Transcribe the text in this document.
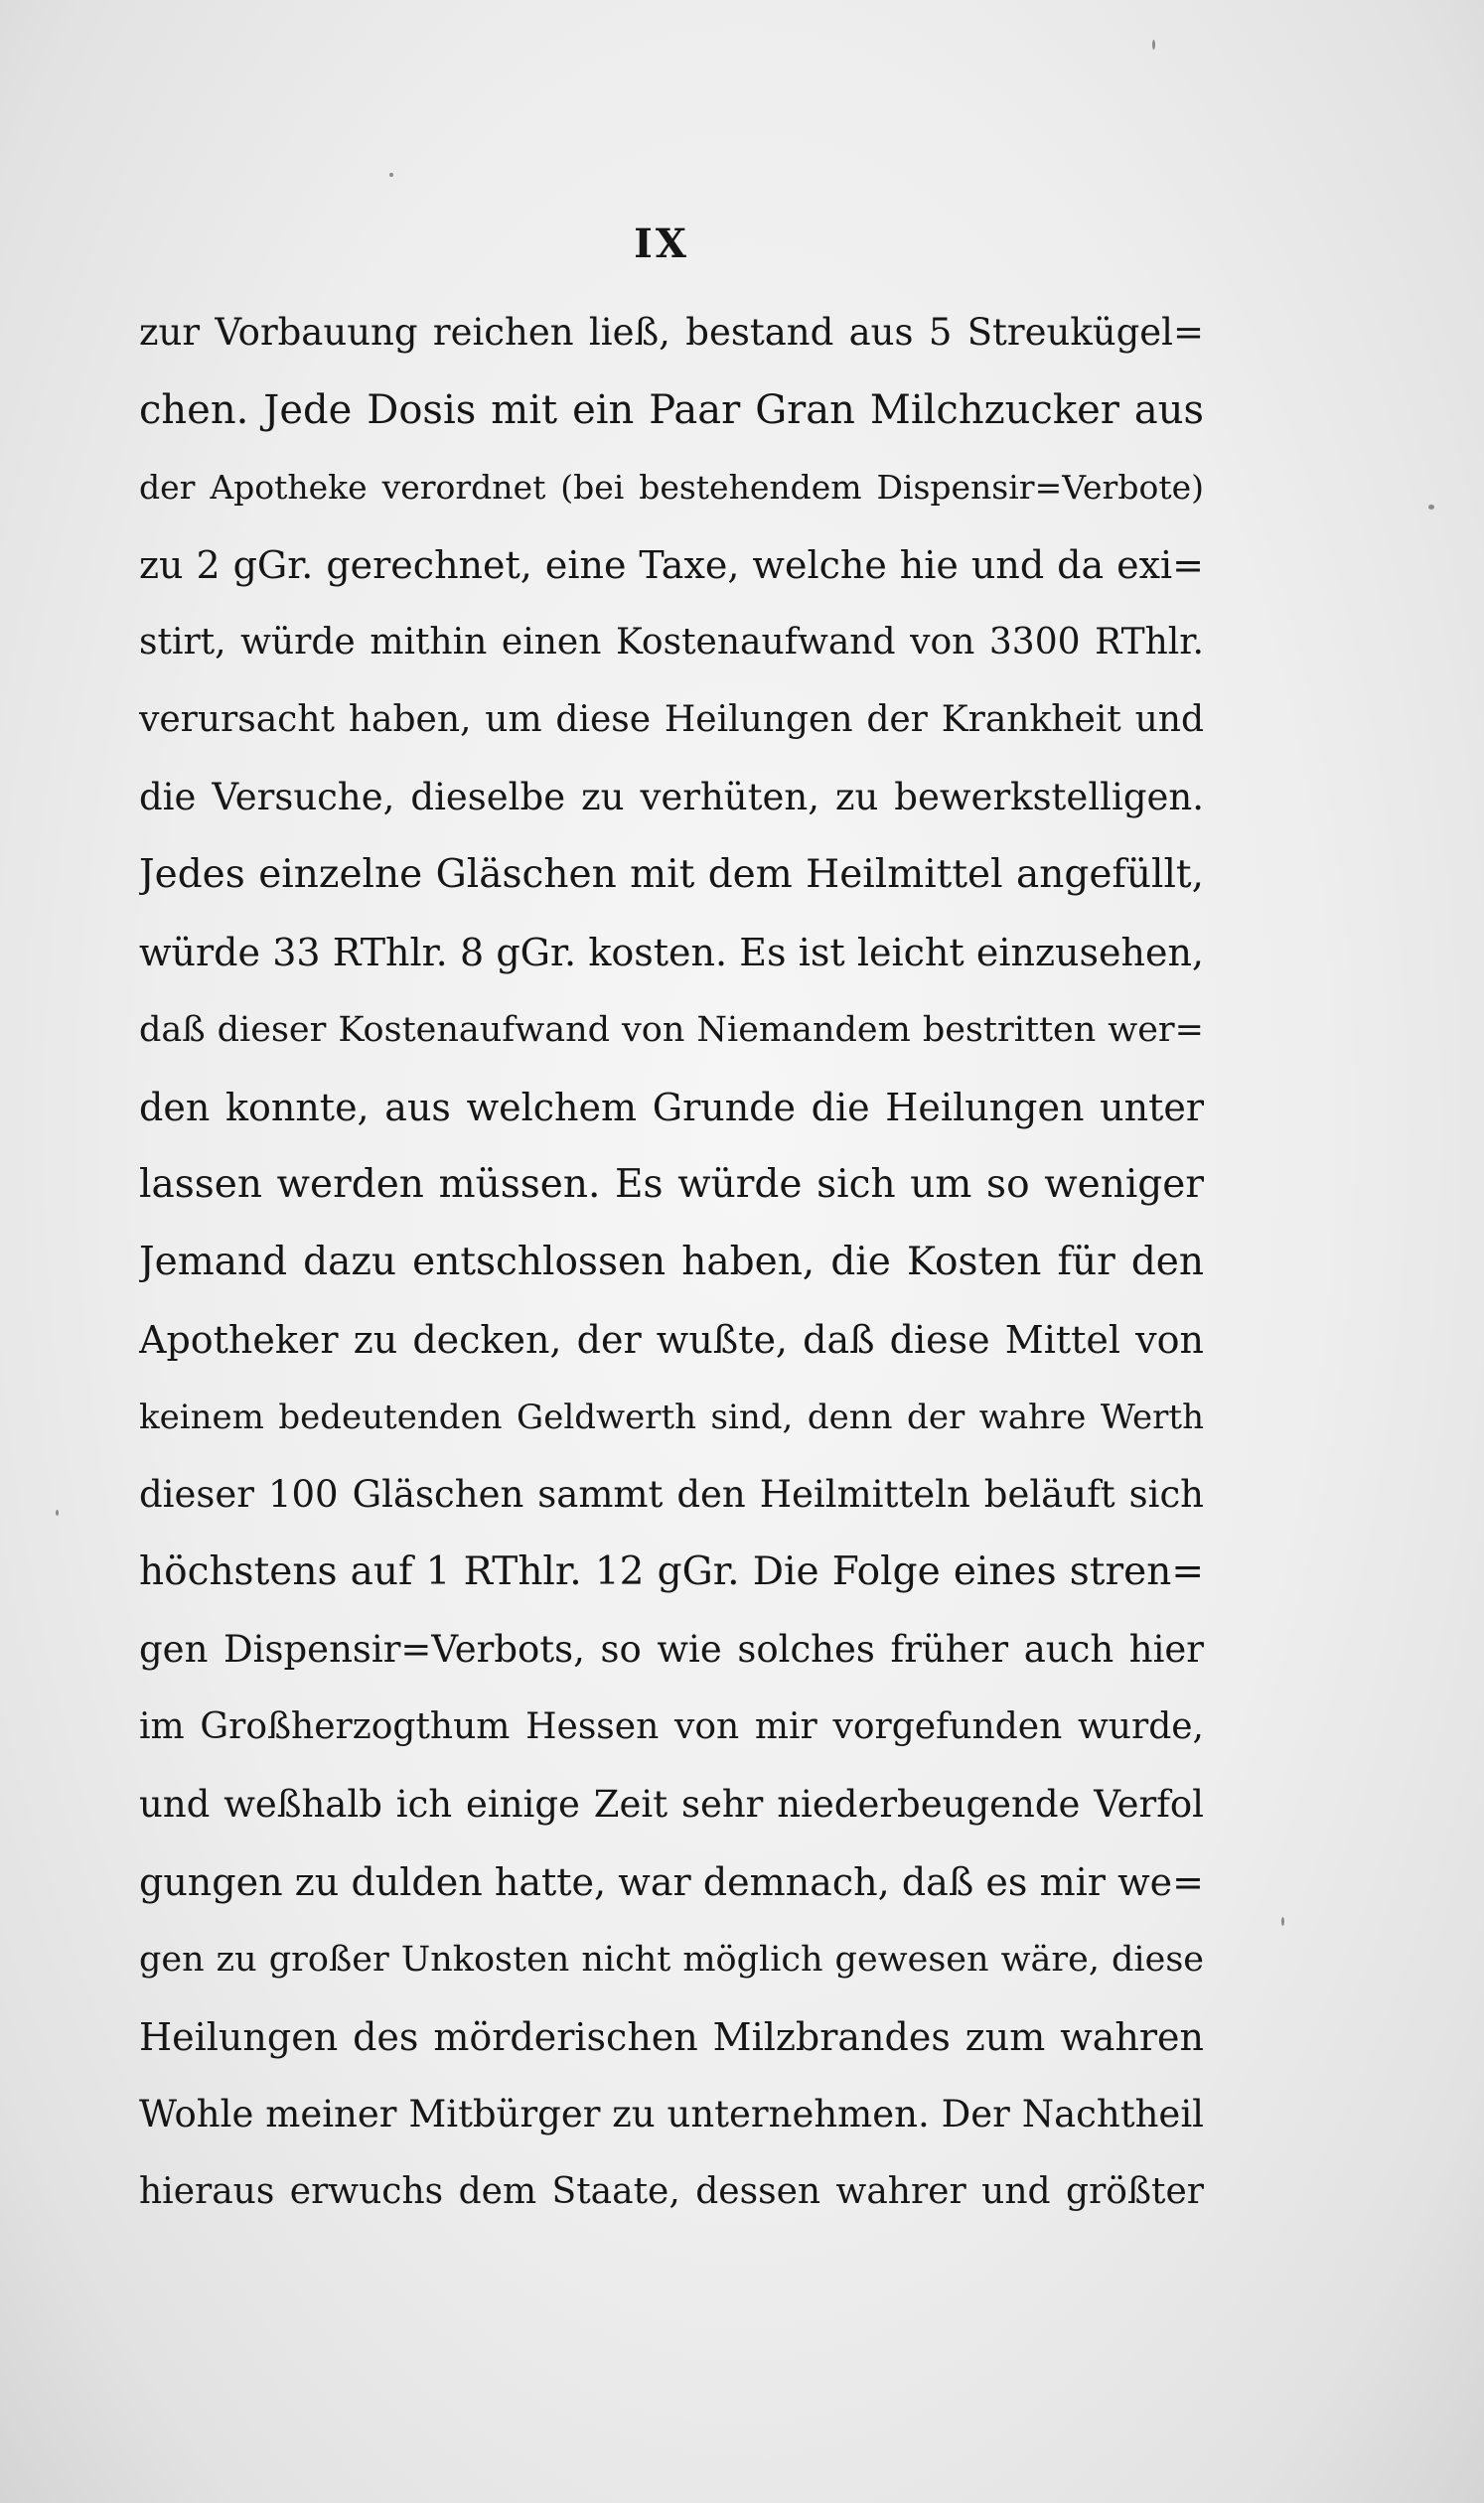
IX
zur Vorbauung reichen ließ, bestand aus 5 Streukügel=
chen. Jede Dosis mit ein Paar Gran Milchzucker aus
der Apotheke verordnet (bei bestehendem Dispensir=Verbote)
zu 2 gGr. gerechnet, eine Taxe, welche hie und da exi=
stirt, würde mithin einen Kostenaufwand von 3300 RThlr.
verursacht haben, um diese Heilungen der Krankheit und
die Versuche, dieselbe zu verhüten, zu bewerkstelligen.
Jedes einzelne Gläschen mit dem Heilmittel angefüllt,
würde 33 RThlr. 8 gGr. kosten. Es ist leicht einzusehen,
daß dieser Kostenaufwand von Niemandem bestritten wer=
den konnte, aus welchem Grunde die Heilungen unter
lassen werden müssen. Es würde sich um so weniger
Jemand dazu entschlossen haben, die Kosten für den
Apotheker zu decken, der wußte, daß diese Mittel von
keinem bedeutenden Geldwerth sind, denn der wahre Werth
dieser 100 Gläschen sammt den Heilmitteln beläuft sich
höchstens auf 1 RThlr. 12 gGr. Die Folge eines stren=
gen Dispensir=Verbots, so wie solches früher auch hier
im Großherzogthum Hessen von mir vorgefunden wurde,
und weßhalb ich einige Zeit sehr niederbeugende Verfol
gungen zu dulden hatte, war demnach, daß es mir we=
gen zu großer Unkosten nicht möglich gewesen wäre, diese
Heilungen des mörderischen Milzbrandes zum wahren
Wohle meiner Mitbürger zu unternehmen. Der Nachtheil
hieraus erwuchs dem Staate, dessen wahrer und größter
